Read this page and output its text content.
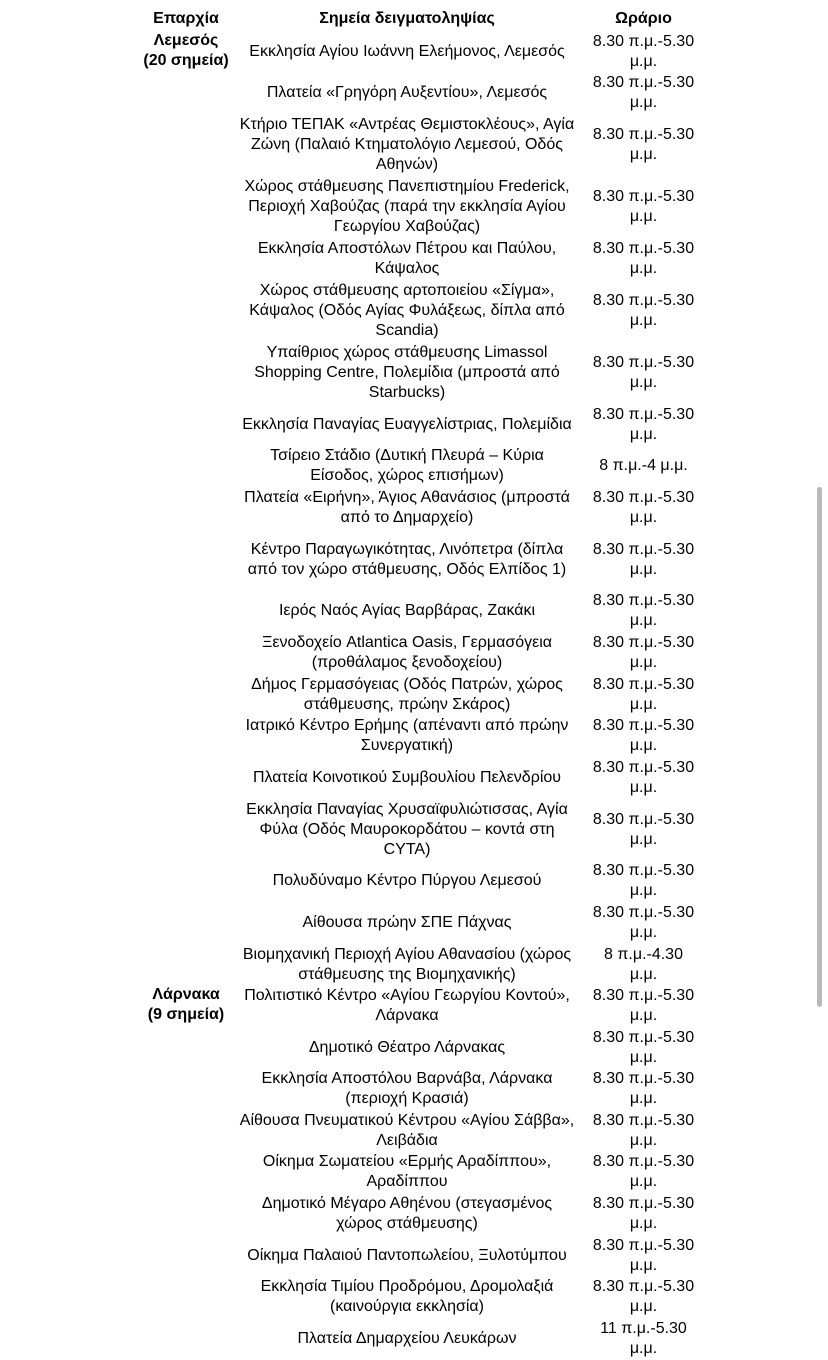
Επαρχία	Σημεία δειγματοληψίας	Ωράριο

Λεμεσός
(20 σημεία)	Εκκλησία Αγίου Ιωάννη Ελεήμονος, Λεμεσός	8.30 π.μ.-5.30 μ.μ.
	Πλατεία «Γρηγόρη Αυξεντίου», Λεμεσός	8.30 π.μ.-5.30 μ.μ.
	Κτήριο ΤΕΠΑΚ «Αντρέας Θεμιστοκλέους», Αγία Ζώνη (Παλαιό Κτηματολόγιο Λεμεσού, Οδός Αθηνών)	8.30 π.μ.-5.30 μ.μ.
	Χώρος στάθμευσης Πανεπιστημίου Frederick, Περιοχή Χαβούζας (παρά την εκκλησία Αγίου Γεωργίου Χαβούζας)	8.30 π.μ.-5.30 μ.μ.
	Εκκλησία Αποστόλων Πέτρου και Παύλου, Κάψαλος	8.30 π.μ.-5.30 μ.μ.
	Χώρος στάθμευσης αρτοποιείου «Σίγμα», Κάψαλος (Οδός Αγίας Φυλάξεως, δίπλα από Scandia)	8.30 π.μ.-5.30 μ.μ.
	Υπαίθριος χώρος στάθμευσης Limassol Shopping Centre, Πολεμίδια (μπροστά από Starbucks)	8.30 π.μ.-5.30 μ.μ.
	Εκκλησία Παναγίας Ευαγγελίστριας, Πολεμίδια	8.30 π.μ.-5.30 μ.μ.
	Τσίρειο Στάδιο (Δυτική Πλευρά – Κύρια Είσοδος, χώρος επισήμων)	8 π.μ.-4 μ.μ.
	Πλατεία «Ειρήνη», Άγιος Αθανάσιος (μπροστά από το Δημαρχείο)	8.30 π.μ.-5.30 μ.μ.
	Κέντρο Παραγωγικότητας, Λινόπετρα (δίπλα από τον χώρο στάθμευσης, Οδός Ελπίδος 1)	8.30 π.μ.-5.30 μ.μ.
	Ιερός Ναός Αγίας Βαρβάρας, Ζακάκι	8.30 π.μ.-5.30 μ.μ.
	Ξενοδοχείο Atlantica Oasis, Γερμασόγεια (προθάλαμος ξενοδοχείου)	8.30 π.μ.-5.30 μ.μ.
	Δήμος Γερμασόγειας (Οδός Πατρών, χώρος στάθμευσης, πρώην Σκάρος)	8.30 π.μ.-5.30 μ.μ.
	Ιατρικό Κέντρο Ερήμης (απέναντι από πρώην Συνεργατική)	8.30 π.μ.-5.30 μ.μ.
	Πλατεία Κοινοτικού Συμβουλίου Πελενδρίου	8.30 π.μ.-5.30 μ.μ.
	Εκκλησία Παναγίας Χρυσαϊφυλιώτισσας, Αγία Φύλα (Οδός Μαυροκορδάτου – κοντά στη CYTA)	8.30 π.μ.-5.30 μ.μ.
	Πολυδύναμο Κέντρο Πύργου Λεμεσού	8.30 π.μ.-5.30 μ.μ.
	Αίθουσα πρώην ΣΠΕ Πάχνας	8.30 π.μ.-5.30 μ.μ.
	Βιομηχανική Περιοχή Αγίου Αθανασίου (χώρος στάθμευσης της Βιομηχανικής)	8 π.μ.-4.30 μ.μ.

Λάρνακα
(9 σημεία)	Πολιτιστικό Κέντρο «Αγίου Γεωργίου Κοντού», Λάρνακα	8.30 π.μ.-5.30 μ.μ.
	Δημοτικό Θέατρο Λάρνακας	8.30 π.μ.-5.30 μ.μ.
	Εκκλησία Αποστόλου Βαρνάβα, Λάρνακα (περιοχή Κρασιά)	8.30 π.μ.-5.30 μ.μ.
	Αίθουσα Πνευματικού Κέντρου «Αγίου Σάββα», Λειβάδια	8.30 π.μ.-5.30 μ.μ.
	Οίκημα Σωματείου «Ερμής Αραδίππου», Αραδίππου	8.30 π.μ.-5.30 μ.μ.
	Δημοτικό Μέγαρο Αθηένου (στεγασμένος χώρος στάθμευσης)	8.30 π.μ.-5.30 μ.μ.
	Οίκημα Παλαιού Παντοπωλείου, Ξυλοτύμπου	8.30 π.μ.-5.30 μ.μ.
	Εκκλησία Τιμίου Προδρόμου, Δρομολαξιά (καινούργια εκκλησία)	8.30 π.μ.-5.30 μ.μ.
	Πλατεία Δημαρχείου Λευκάρων	11 π.μ.-5.30 μ.μ.
